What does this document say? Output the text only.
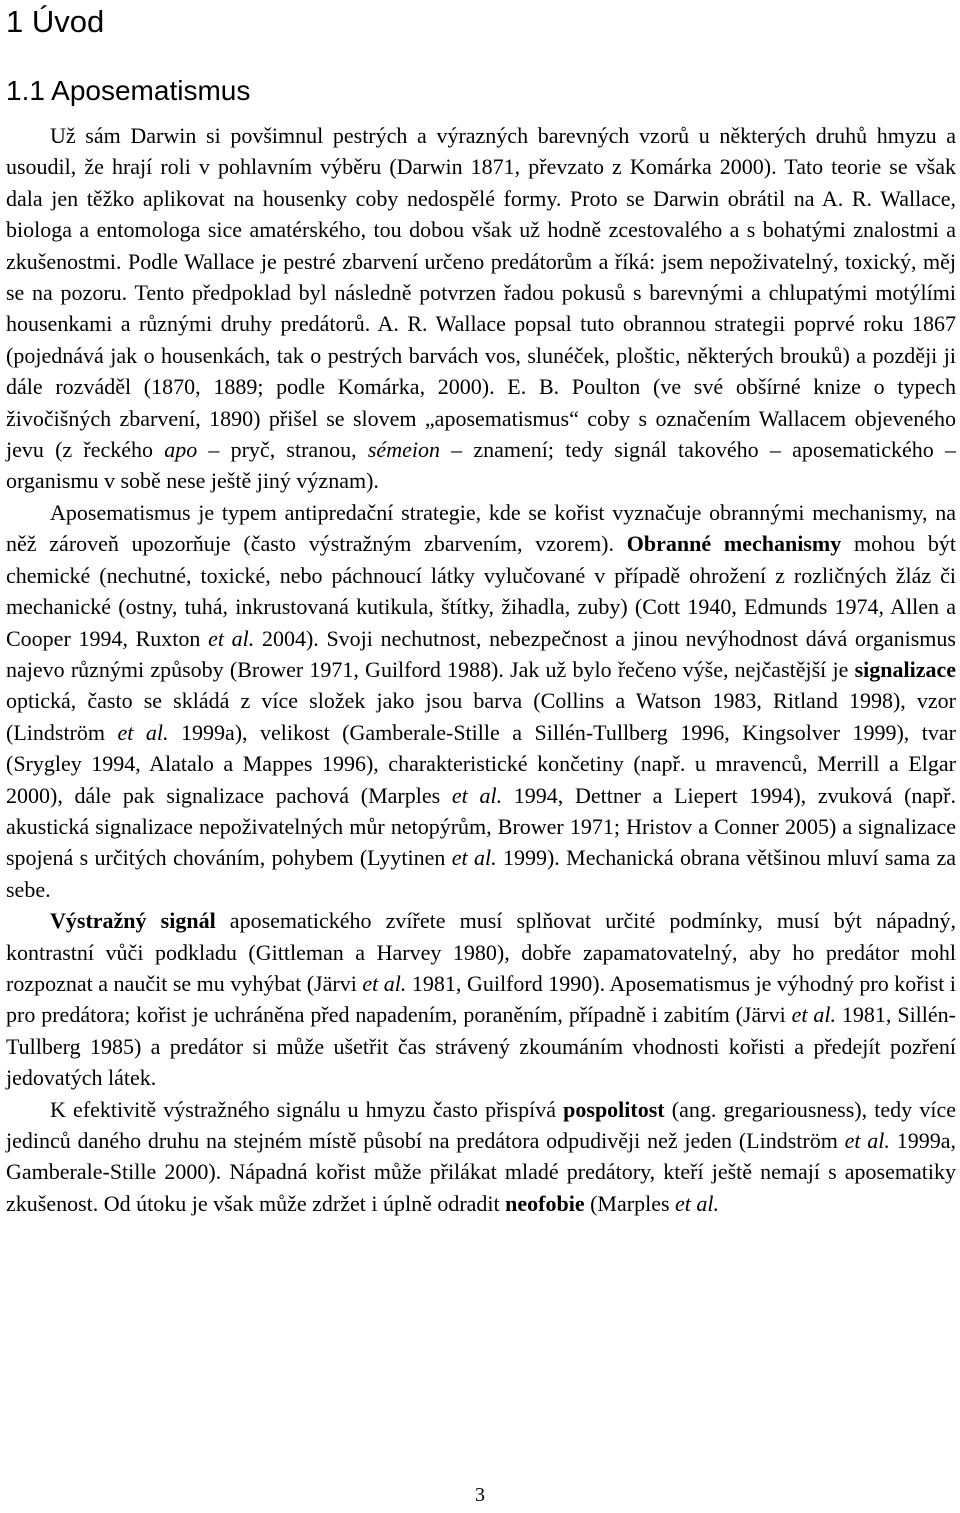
1 Úvod
1.1 Aposematismus

Už sám Darwin si povšimnul pestrých a výrazných barevných vzorů u některých druhů hmyzu a usoudil, že hrají roli v pohlavním výběru (Darwin 1871, převzato z Komárka 2000). Tato teorie se však dala jen těžko aplikovat na housenky coby nedospělé formy. Proto se Darwin obrátil na A. R. Wallace, biologa a entomologa sice amatérského, tou dobou však už hodně zcestovalého a s bohatými znalostmi a zkušenostmi. Podle Wallace je pestré zbarvení určeno predátorům a říká: jsem nepoživatelný, toxický, měj se na pozoru. Tento předpoklad byl následně potvrzen řadou pokusů s barevnými a chlupatými motýlími housenkami a různými druhy predátorů. A. R. Wallace popsal tuto obrannou strategii poprvé roku 1867 (pojednává jak o housenkách, tak o pestrých barvách vos, slunéček, ploštic, některých brouků) a později ji dále rozváděl (1870, 1889; podle Komárka, 2000). E. B. Poulton (ve své obšírné knize o typech živočišných zbarvení, 1890) přišel se slovem „aposematismus“ coby s označením Wallacem objeveného jevu (z řeckého apo – pryč, stranou, sémeion – znamení; tedy signál takového – aposematického – organismu v sobě nese ještě jiný význam).

Aposematismus je typem antipredační strategie, kde se kořist vyznačuje obrannými mechanismy, na něž zároveň upozorňuje (často výstražným zbarvením, vzorem). Obranné mechanismy mohou být chemické (nechutné, toxické, nebo páchnoucí látky vylučované v případě ohrožení z rozličných žláz či mechanické (ostny, tuhá, inkrustovaná kutikula, štítky, žihadla, zuby) (Cott 1940, Edmunds 1974, Allen a Cooper 1994, Ruxton et al. 2004). Svoji nechutnost, nebezpečnost a jinou nevýhodnost dává organismus najevo různými způsoby (Brower 1971, Guilford 1988). Jak už bylo řečeno výše, nejčastější je signalizace optická, často se skládá z více složek jako jsou barva (Collins a Watson 1983, Ritland 1998), vzor (Lindström et al. 1999a), velikost (Gamberale-Stille a Sillén-Tullberg 1996, Kingsolver 1999), tvar (Srygley 1994, Alatalo a Mappes 1996), charakteristické končetiny (např. u mravenců, Merrill a Elgar 2000), dále pak signalizace pachová (Marples et al. 1994, Dettner a Liepert 1994), zvuková (např. akustická signalizace nepoživatelných můr netopýrům, Brower 1971; Hristov a Conner 2005) a signalizace spojená s určitých chováním, pohybem (Lyytinen et al. 1999). Mechanická obrana většinou mluví sama za sebe.

Výstražný signál aposematického zvířete musí splňovat určité podmínky, musí být nápadný, kontrastní vůči podkladu (Gittleman a Harvey 1980), dobře zapamatovatelný, aby ho predátor mohl rozpoznat a naučit se mu vyhýbat (Järvi et al. 1981, Guilford 1990). Aposematismus je výhodný pro kořist i pro predátora; kořist je uchráněna před napadením, poraněním, případně i zabitím (Järvi et al. 1981, Sillén-Tullberg 1985) a predátor si může ušetřit čas strávený zkoumáním vhodnosti kořisti a předejít pozření jedovatých látek.

K efektivitě výstražného signálu u hmyzu často přispívá pospolitost (ang. gregariousness), tedy více jedinců daného druhu na stejném místě působí na predátora odpudivěji než jeden (Lindström et al. 1999a, Gamberale-Stille 2000). Nápadná kořist může přilákat mladé predátory, kteří ještě nemají s aposematiky zkušenost. Od útoku je však může zdržet i úplně odradit neofobie (Marples et al.

3
